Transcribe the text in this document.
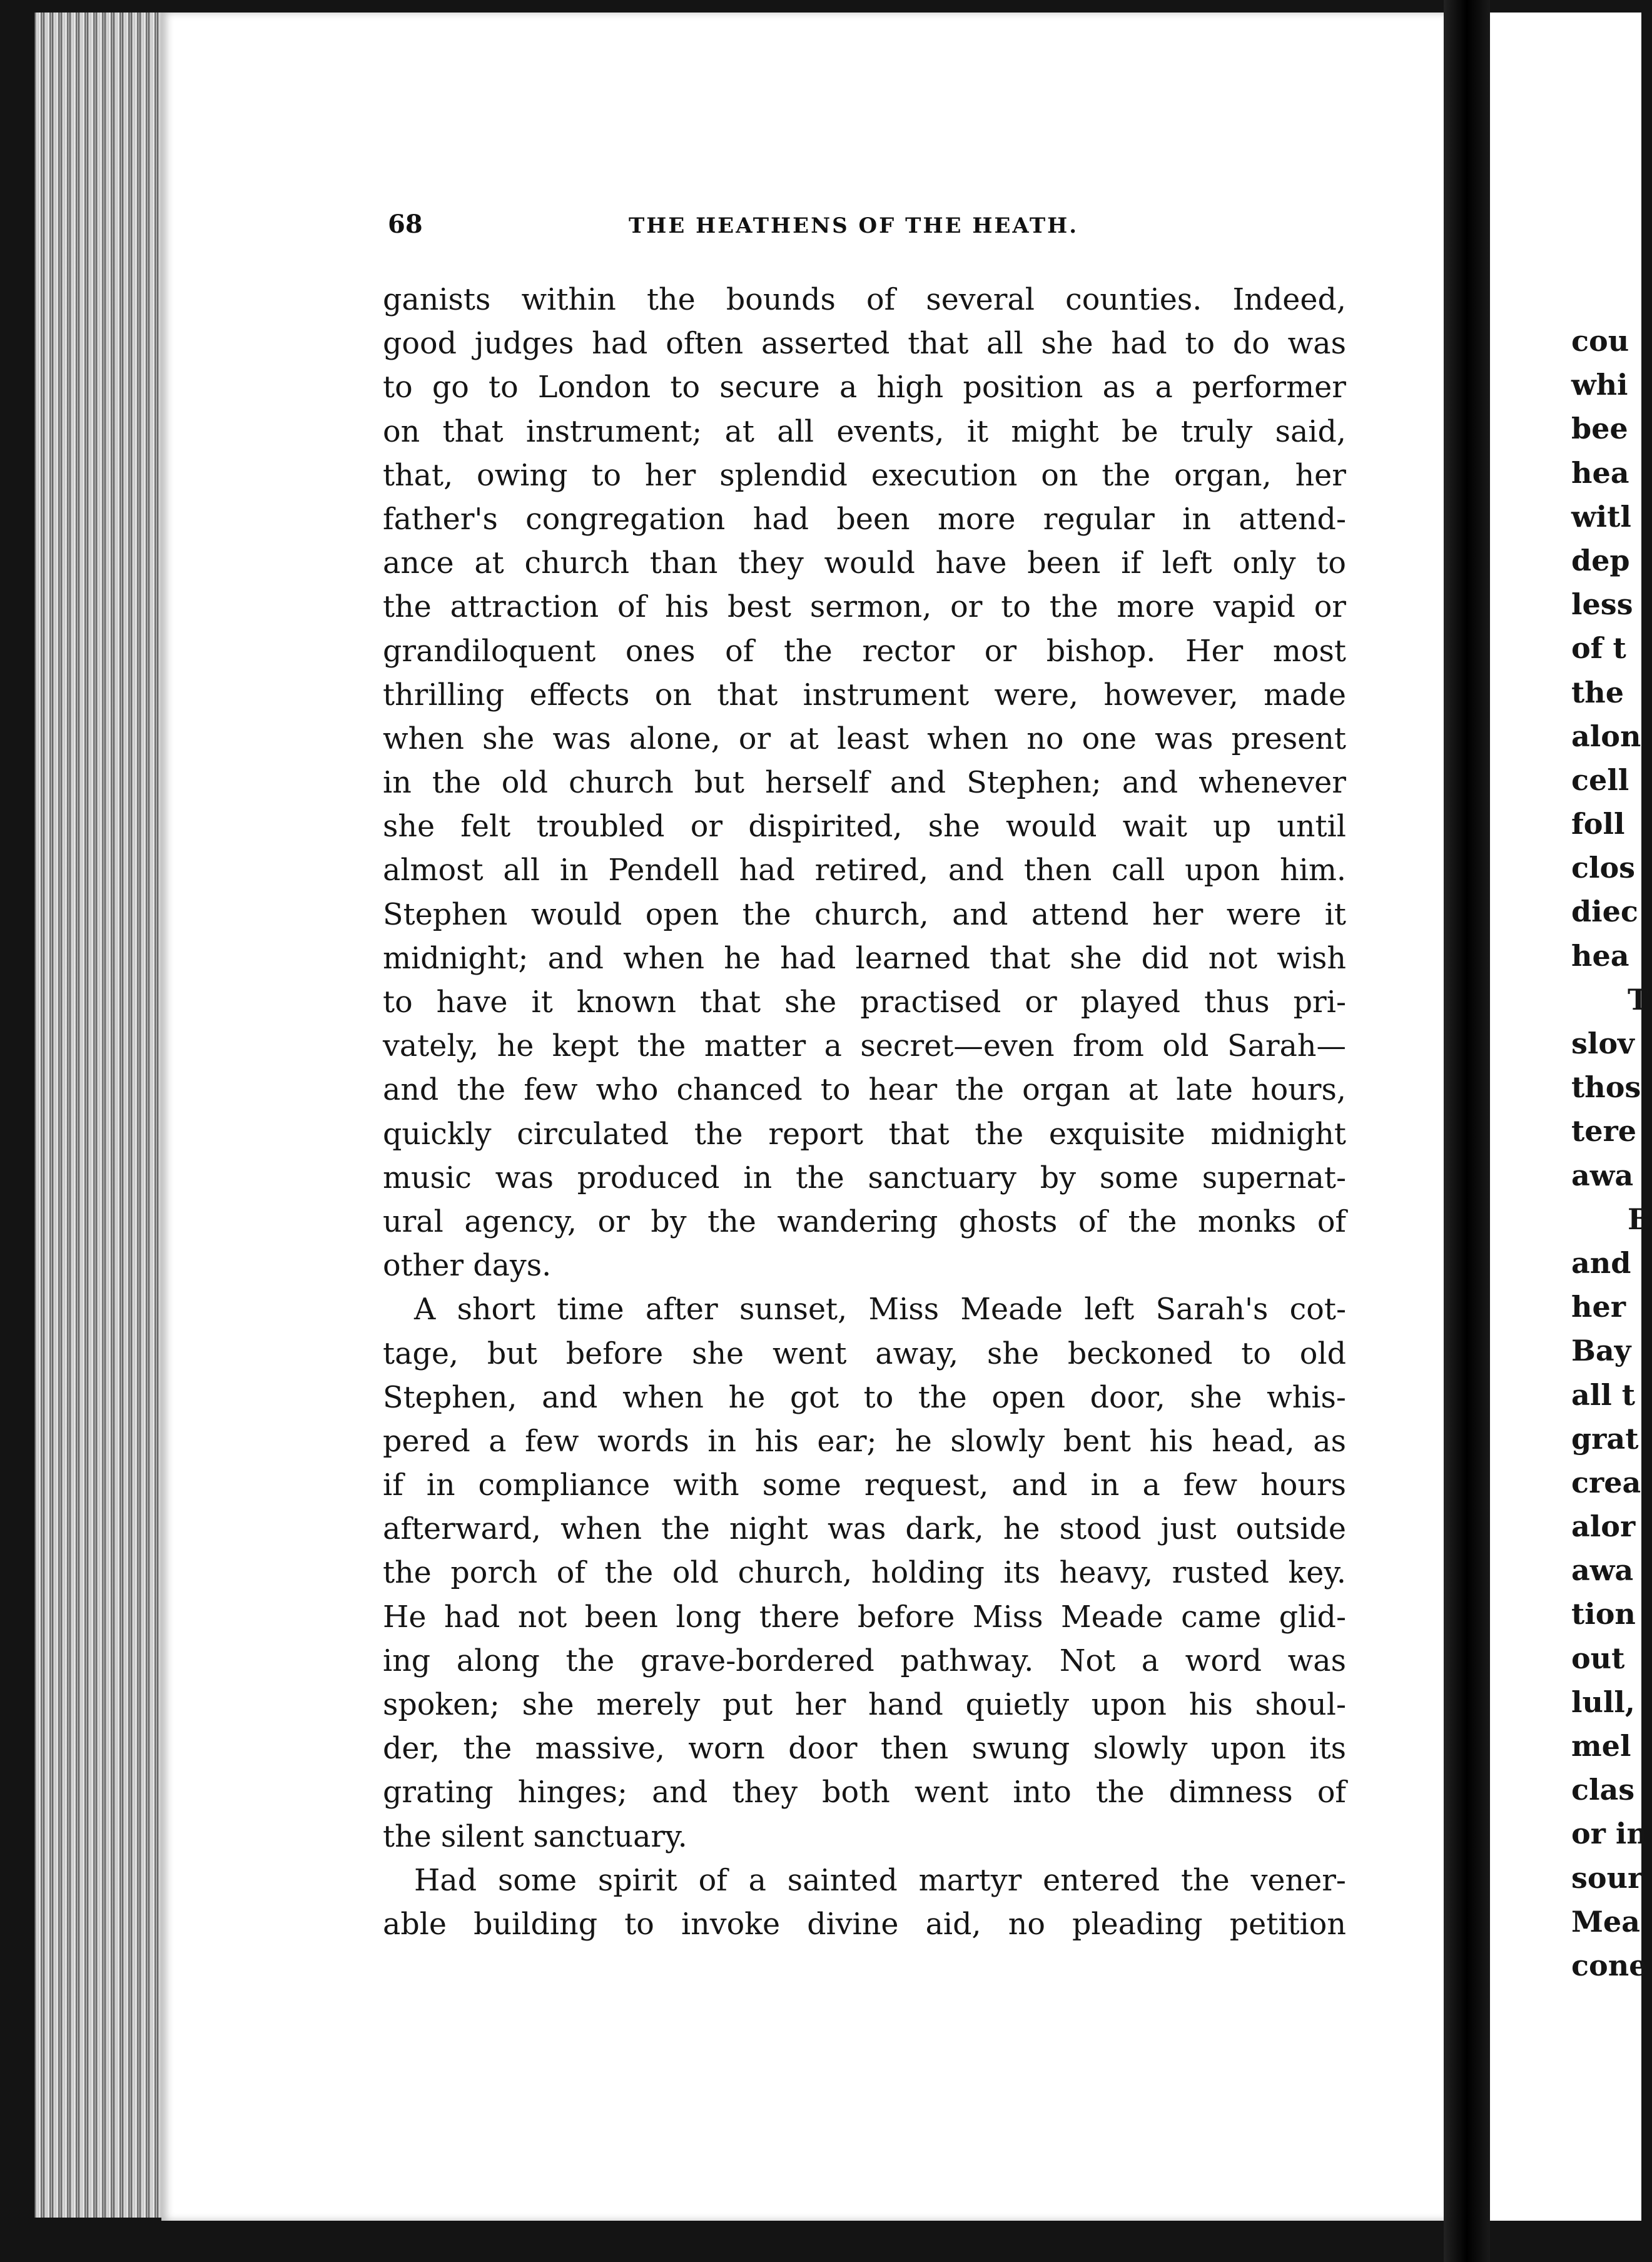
68	THE HEATHENS OF THE HEATH.
ganists within the bounds of several counties. Indeed,
good judges had often asserted that all she had to do was
to go to London to secure a high position as a performer
on that instrument; at all events, it might be truly said,
that, owing to her splendid execution on the organ, her
father's congregation had been more regular in attend-
ance at church than they would have been if left only to
the attraction of his best sermon, or to the more vapid or
grandiloquent ones of the rector or bishop. Her most
thrilling effects on that instrument were, however, made
when she was alone, or at least when no one was present
in the old church but herself and Stephen; and whenever
she felt troubled or dispirited, she would wait up until
almost all in Pendell had retired, and then call upon him.
Stephen would open the church, and attend her were it
midnight; and when he had learned that she did not wish
to have it known that she practised or played thus pri-
vately, he kept the matter a secret—even from old Sarah—
and the few who chanced to hear the organ at late hours,
quickly circulated the report that the exquisite midnight
music was produced in the sanctuary by some supernat-
ural agency, or by the wandering ghosts of the monks of
other days.
A short time after sunset, Miss Meade left Sarah's cot-
tage, but before she went away, she beckoned to old
Stephen, and when he got to the open door, she whis-
pered a few words in his ear; he slowly bent his head, as
if in compliance with some request, and in a few hours
afterward, when the night was dark, he stood just outside
the porch of the old church, holding its heavy, rusted key.
He had not been long there before Miss Meade came glid-
ing along the grave-bordered pathway. Not a word was
spoken; she merely put her hand quietly upon his shoul-
der, the massive, worn door then swung slowly upon its
grating hinges; and they both went into the dimness of
the silent sanctuary.
Had some spirit of a sainted martyr entered the vener-
able building to invoke divine aid, no pleading petition
cou
whi
bee
hea
witl
dep
less
of t
the
alon
cell
foll
clos
diec
hea
T
slov
thos
tere
awa
B
and
her
Bay
all t
grat
crea
alor
awa
tion
out
lull,
mel
clas
or in
sour
Mea
cone
